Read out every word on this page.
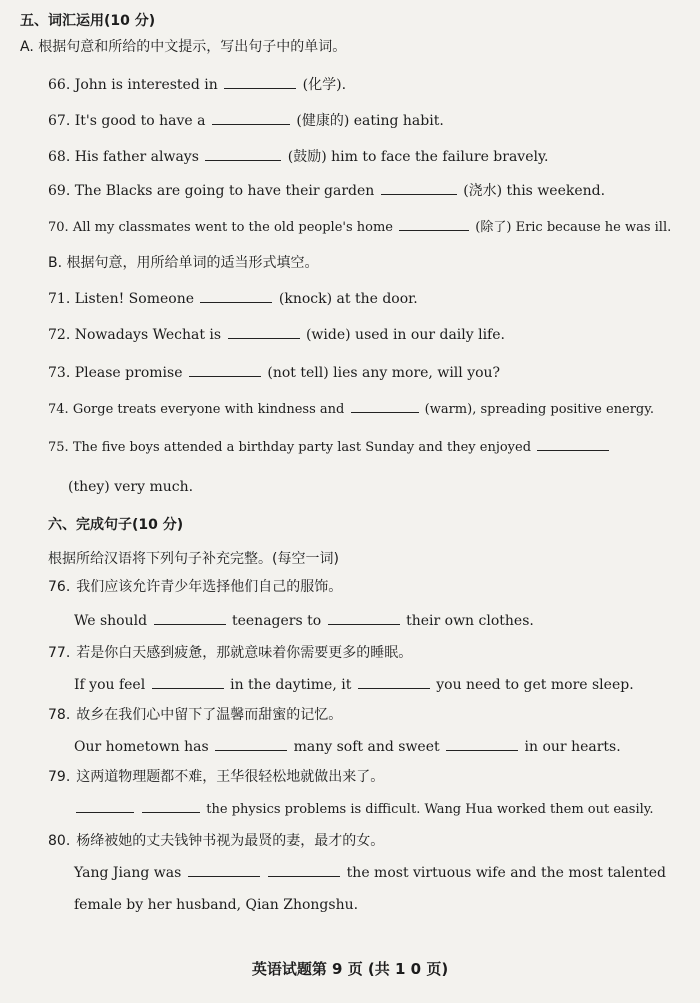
五、词汇运用(10 分)
A. 根据句意和所给的中文提示，写出句子中的单词。
66. John is interested in	(化学).
67. It's good to have a	(健康的) eating habit.
68. His father always	(鼓励) him to face the failure bravely.
69. The Blacks are going to have their garden	(浇水) this weekend.
70. All my classmates went to the old people's home	(除了) Eric because he was ill.
B. 根据句意，用所给单词的适当形式填空。
71. Listen! Someone	(knock) at the door.
72. Nowadays Wechat is	(wide) used in our daily life.
73. Please promise	(not tell) lies any more, will you?
74. Gorge treats everyone with kindness and	(warm), spreading positive energy.
75. The five boys attended a birthday party last Sunday and they enjoyed
(they) very much.
六、完成句子(10 分)
根据所给汉语将下列句子补充完整。(每空一词)
76. 我们应该允许青少年选择他们自己的服饰。
We should	teenagers to	their own clothes.
77. 若是你白天感到疲惫，那就意味着你需要更多的睡眠。
If you feel	in the daytime, it	you need to get more sleep.
78. 故乡在我们心中留下了温馨而甜蜜的记忆。
Our hometown has	many soft and sweet	in our hearts.
79. 这两道物理题都不难，王华很轻松地就做出来了。
the physics problems is difficult. Wang Hua worked them out easily.
80. 杨绛被她的丈夫钱钟书视为最贤的妻，最才的女。
Yang Jiang was	the most virtuous wife and the most talented
female by her husband, Qian Zhongshu.
英语试题第 9 页 (共 1 0 页)
